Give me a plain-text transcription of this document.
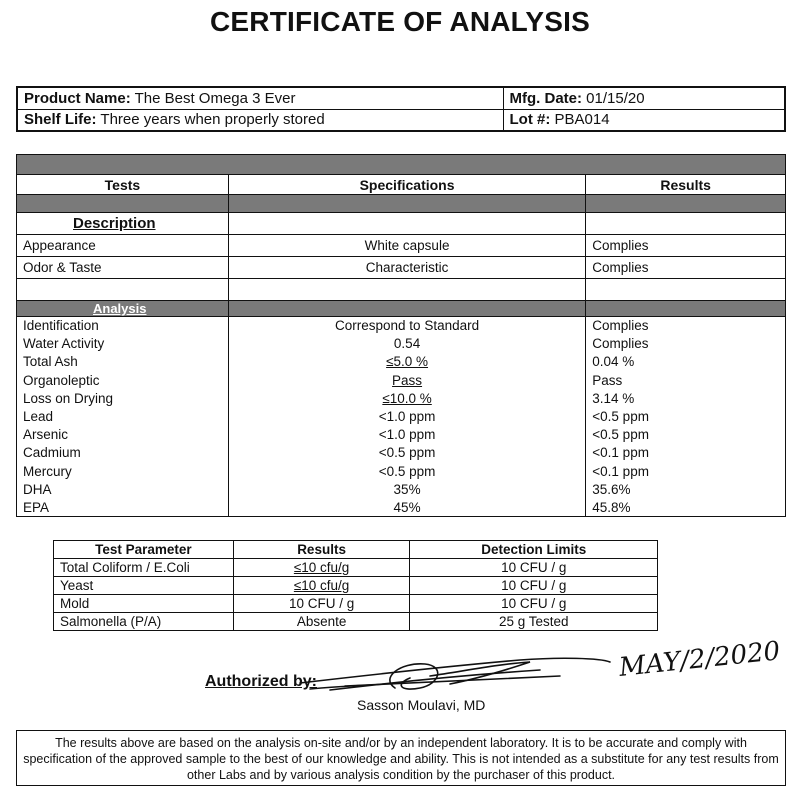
CERTIFICATE OF ANALYSIS
Product Name: The Best Omega 3 Ever	Mfg. Date: 01/15/20
Shelf Life: Three years when properly stored	Lot #: PBA014

Tests	Specifications	Results

Description		
Appearance	White capsule	Complies
Odor & Taste	Characteristic	Complies

Analysis		
Identification	Correspond to Standard	Complies
Water Activity	0.54	Complies
Total Ash	≤5.0 %	0.04 %
Organoleptic	Pass	Pass
Loss on Drying	≤10.0 %	3.14 %
Lead	<1.0 ppm	<0.5 ppm
Arsenic	<1.0 ppm	<0.5 ppm
Cadmium	<0.5 ppm	<0.1 ppm
Mercury	<0.5 ppm	<0.1 ppm
DHA	35%	35.6%
EPA	45%	45.8%
Test Parameter	Results	Detection Limits
Total Coliform / E.Coli	≤10 cfu/g	10 CFU / g
Yeast	≤10 cfu/g	10 CFU / g
Mold	10 CFU / g	10 CFU / g
Salmonella (P/A)	Absente	25 g Tested
MAY/2/2020
Authorized by:
Sasson Moulavi, MD
The results above are based on the analysis on-site and/or by an independent laboratory. It is to be accurate and comply with specification of the approved sample to the best of our knowledge and ability. This is not intended as a substitute for any test results from other Labs and by various analysis condition by the purchaser of this product.
